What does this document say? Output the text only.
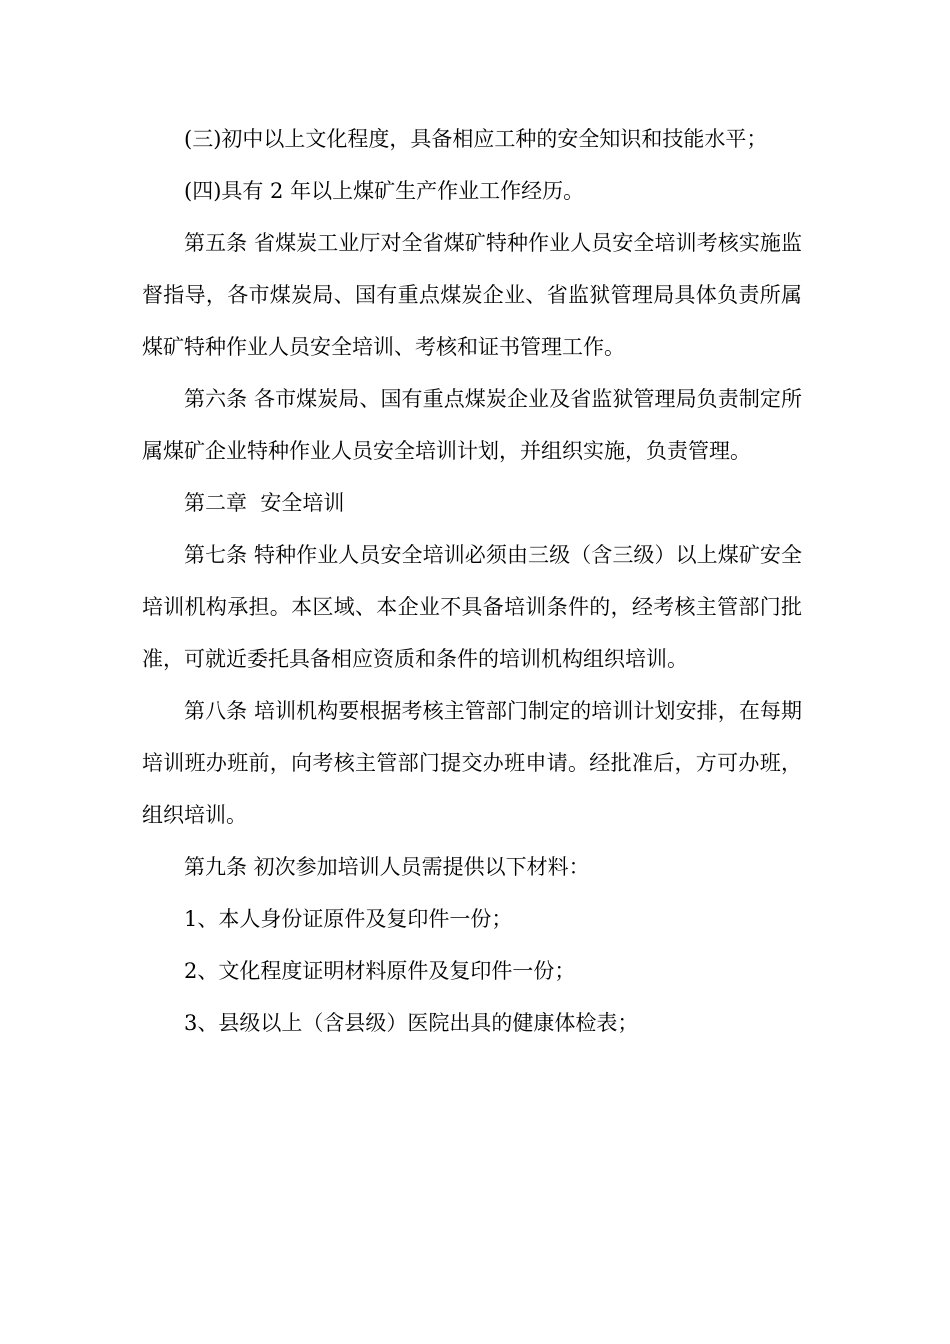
(三)初中以上文化程度，具备相应工种的安全知识和技能水平；

(四)具有 2 年以上煤矿生产作业工作经历。

第五条 省煤炭工业厅对全省煤矿特种作业人员安全培训考核实施监督指导，各市煤炭局、国有重点煤炭企业、省监狱管理局具体负责所属煤矿特种作业人员安全培训、考核和证书管理工作。

第六条 各市煤炭局、国有重点煤炭企业及省监狱管理局负责制定所属煤矿企业特种作业人员安全培训计划，并组织实施，负责管理。

第二章  安全培训

第七条 特种作业人员安全培训必须由三级（含三级）以上煤矿安全培训机构承担。本区域、本企业不具备培训条件的，经考核主管部门批准，可就近委托具备相应资质和条件的培训机构组织培训。

第八条 培训机构要根据考核主管部门制定的培训计划安排，在每期培训班办班前，向考核主管部门提交办班申请。经批准后，方可办班，组织培训。

第九条 初次参加培训人员需提供以下材料：

1、本人身份证原件及复印件一份；

2、文化程度证明材料原件及复印件一份；

3、县级以上（含县级）医院出具的健康体检表；
